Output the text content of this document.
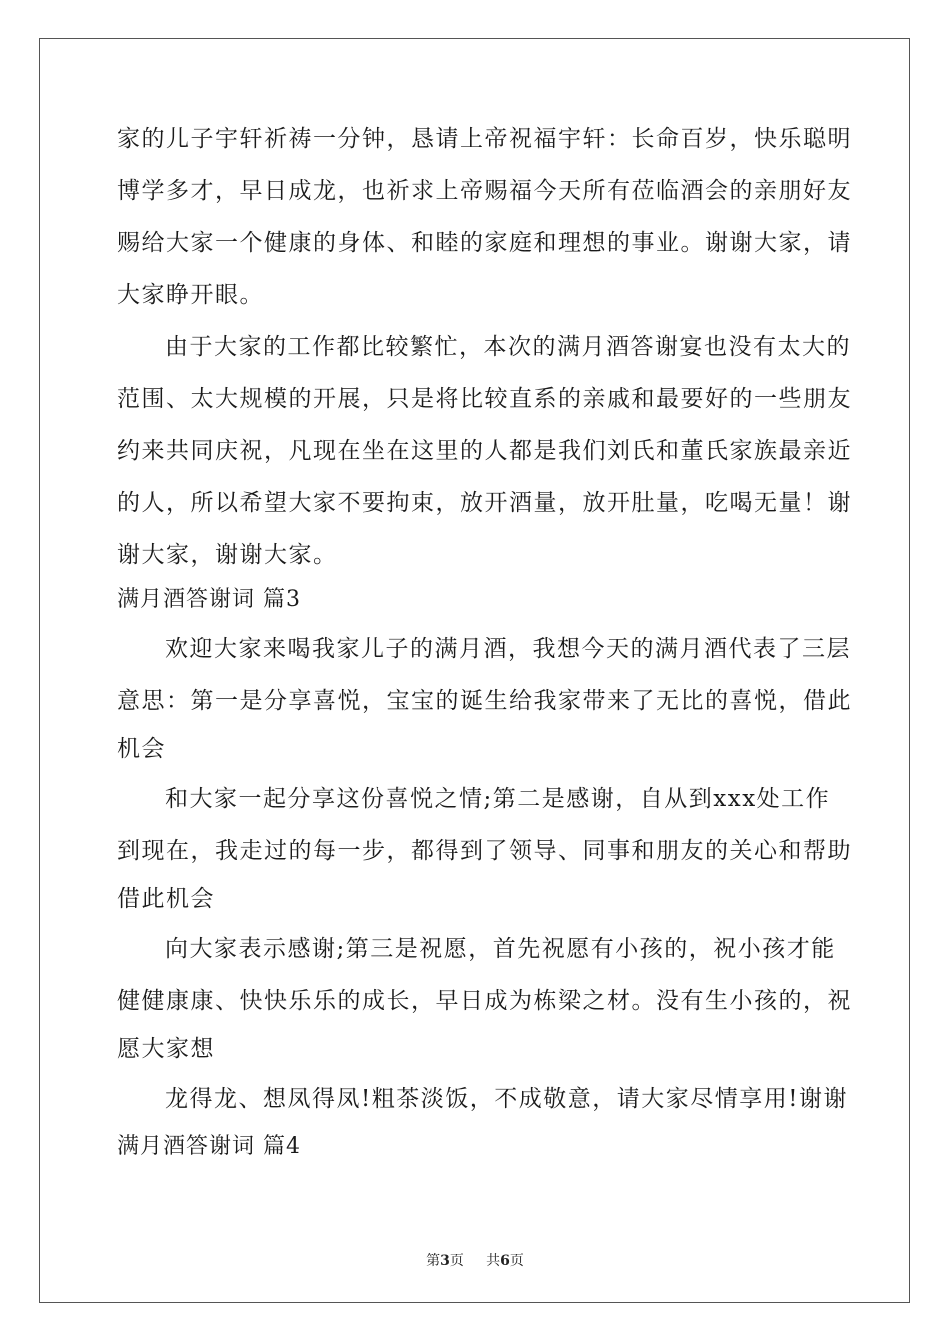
家的儿子宇轩祈祷一分钟，恳请上帝祝福宇轩：长命百岁，快乐聪明
博学多才，早日成龙，也祈求上帝赐福今天所有莅临酒会的亲朋好友
赐给大家一个健康的身体、和睦的家庭和理想的事业。谢谢大家，请
大家睁开眼。
由于大家的工作都比较繁忙，本次的满月酒答谢宴也没有太大的
范围、太大规模的开展，只是将比较直系的亲戚和最要好的一些朋友
约来共同庆祝，凡现在坐在这里的人都是我们刘氏和董氏家族最亲近
的人，所以希望大家不要拘束，放开酒量，放开肚量，吃喝无量！谢
谢大家，谢谢大家。
满月酒答谢词 篇3
欢迎大家来喝我家儿子的满月酒，我想今天的满月酒代表了三层
意思：第一是分享喜悦，宝宝的诞生给我家带来了无比的喜悦，借此
机会
和大家一起分享这份喜悦之情;第二是感谢，自从到xxx处工作
到现在，我走过的每一步，都得到了领导、同事和朋友的关心和帮助
借此机会
向大家表示感谢;第三是祝愿，首先祝愿有小孩的，祝小孩才能
健健康康、快快乐乐的成长，早日成为栋梁之材。没有生小孩的，祝
愿大家想
龙得龙、想凤得凤!粗茶淡饭，不成敬意，请大家尽情享用!谢谢
满月酒答谢词 篇4
第3页 共6页
